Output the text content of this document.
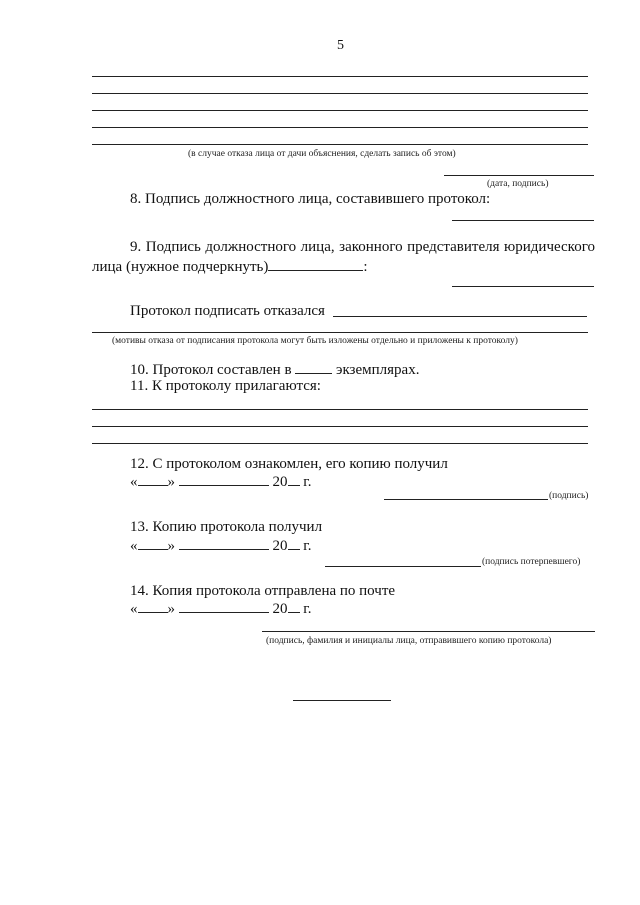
5
(в случае отказа лица от дачи объяснения, сделать запись об этом)
(дата, подпись)
8. Подпись должностного лица, составившего протокол:
9. Подпись должностного лица, законного представителя юридического
лица (нужное подчеркнуть)	:
Протокол подписать отказался
(мотивы отказа от подписания протокола могут быть изложены отдельно и приложены к протоколу)
10. Протокол составлен в	экземплярах.
11. К протоколу прилагаются:
12. С протоколом ознакомлен, его копию получил
« »	20 г.
(подпись)
13. Копию протокола получил
« »	20 г.
(подпись потерпевшего)
14. Копия протокола отправлена по почте
« »	20 г.
(подпись, фамилия и инициалы лица, отправившего копию протокола)
